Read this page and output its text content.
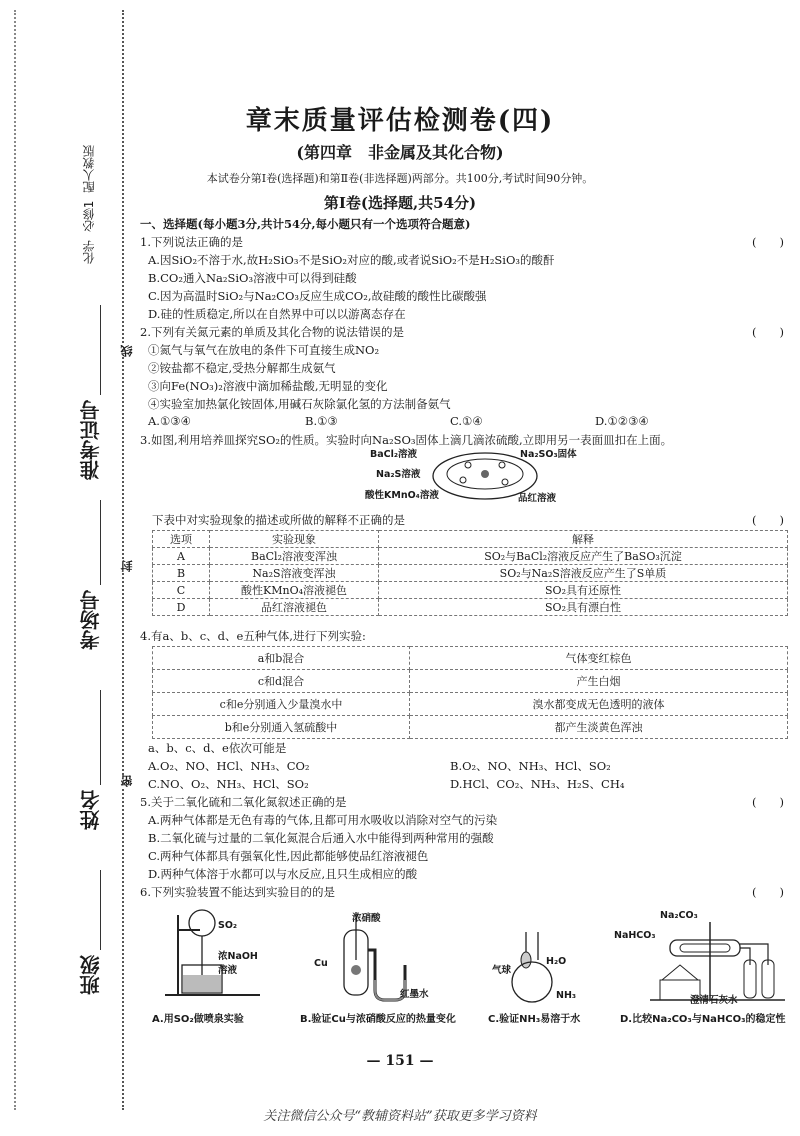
化学  必修1  配人教版
准考证号
考场号
姓名
班级
线
封
密
章末质量评估检测卷(四)
(第四章　非金属及其化合物)
本试卷分第Ⅰ卷(选择题)和第Ⅱ卷(非选择题)两部分。共100分,考试时间90分钟。
第Ⅰ卷(选择题,共54分)
一、选择题(每小题3分,共计54分,每小题只有一个选项符合题意)
1.下列说法正确的是	(　　)
A.因SiO₂不溶于水,故H₂SiO₃不是SiO₂对应的酸,或者说SiO₂不是H₂SiO₃的酸酐
B.CO₂通入Na₂SiO₃溶液中可以得到硅酸
C.因为高温时SiO₂与Na₂CO₃反应生成CO₂,故硅酸的酸性比碳酸强
D.硅的性质稳定,所以在自然界中可以以游离态存在
2.下列有关氮元素的单质及其化合物的说法错误的是	(　　)
①氮气与氧气在放电的条件下可直接生成NO₂
②铵盐都不稳定,受热分解都生成氨气
③向Fe(NO₃)₂溶液中滴加稀盐酸,无明显的变化
④实验室加热氯化铵固体,用碱石灰除氯化氢的方法制备氨气
A.①③④	B.①③	C.①④	D.①②③④
3.如图,利用培养皿探究SO₂的性质。实验时向Na₂SO₃固体上滴几滴浓硫酸,立即用另一表面皿扣在上面。
BaCl₂溶液	Na₂SO₃固体
Na₂S溶液
酸性KMnO₄溶液	品红溶液
下表中对实验现象的描述或所做的解释不正确的是	(　　)
选项	实验现象	解释
A	BaCl₂溶液变浑浊	SO₂与BaCl₂溶液反应产生了BaSO₃沉淀
B	Na₂S溶液变浑浊	SO₂与Na₂S溶液反应产生了S单质
C	酸性KMnO₄溶液褪色	SO₂具有还原性
D	品红溶液褪色	SO₂具有漂白性
4.有a、b、c、d、e五种气体,进行下列实验:
a和b混合	气体变红棕色
c和d混合	产生白烟
c和e分别通入少量溴水中	溴水都变成无色透明的液体
b和e分别通入氢硫酸中	都产生淡黄色浑浊
a、b、c、d、e依次可能是
A.O₂、NO、HCl、NH₃、CO₂	B.O₂、NO、NH₃、HCl、SO₂
C.NO、O₂、NH₃、HCl、SO₂	D.HCl、CO₂、NH₃、H₂S、CH₄
5.关于二氧化硫和二氧化氮叙述正确的是	(　　)
A.两种气体都是无色有毒的气体,且都可用水吸收以消除对空气的污染
B.二氧化硫与过量的二氧化氮混合后通入水中能得到两种常用的强酸
C.两种气体都具有强氧化性,因此都能够使品红溶液褪色
D.两种气体溶于水都可以与水反应,且只生成相应的酸
6.下列实验装置不能达到实验目的的是	(　　)
SO₂
浓NaOH
溶液
A.用SO₂做喷泉实验
浓硝酸
Cu
红墨水
B.验证Cu与浓硝酸反应的热量变化
气球
H₂O
NH₃
C.验证NH₃易溶于水
Na₂CO₃
NaHCO₃
澄清石灰水
D.比较Na₂CO₃与NaHCO₃的稳定性
— 151 —
关注微信公众号“教辅资料站”获取更多学习资料
